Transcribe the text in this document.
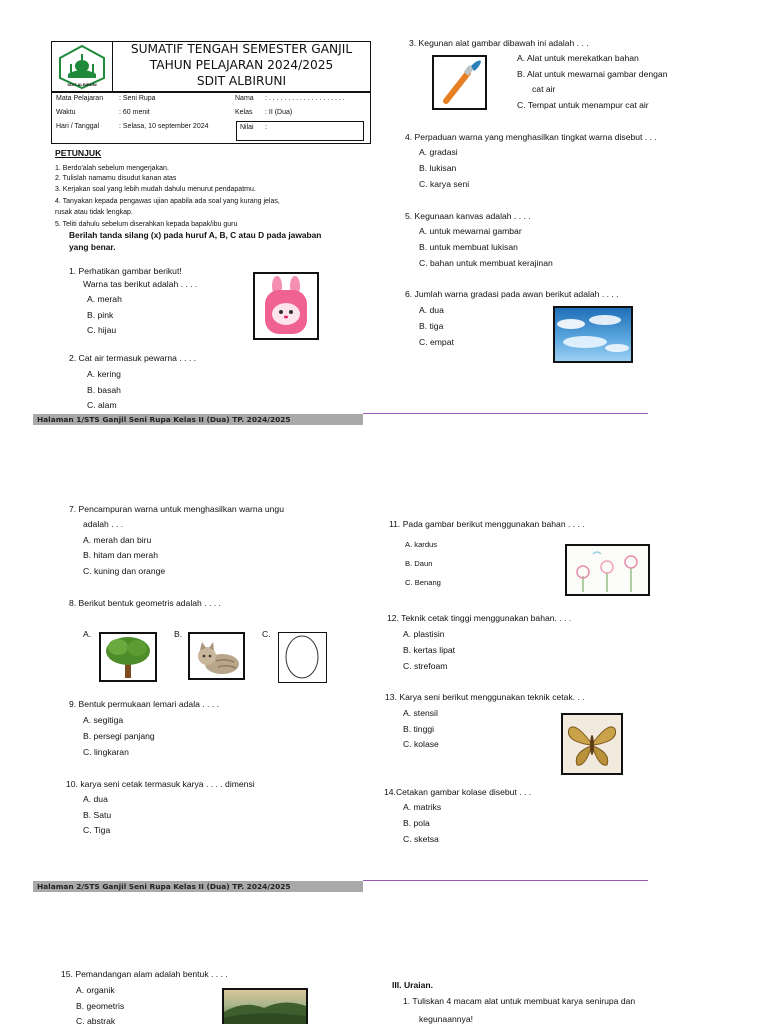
SDIT ALBIRUNI
SUMATIF TENGAH SEMESTER GANJIL
TAHUN PELAJARAN 2024/2025
SDIT ALBIRUNI
Mata Pelajaran : Seni Rupa
Waktu	: 60 menit
Hari / Tanggal	: Selasa, 10 september 2024
Nama : . . . . . . . . . . . . . . . . . . . .
Kelas : II (Dua)
Nilai :
PETUNJUK
1. Berdo'alah sebelum mengerjakan.
2. Tulislah namamu disudut kanan atas
3. Kerjakan soal yang lebih mudah dahulu menurut pendapatmu.
4. Tanyakan kepada pengawas ujian apabila ada soal yang kurang jelas,
rusak atau tidak lengkap.
5. Teliti dahulu sebelum diserahkan kepada bapak/ibu guru
Berilah tanda silang (x) pada huruf A, B, C atau D pada jawaban
yang benar.
1. Perhatikan gambar berikut!
Warna tas berikut adalah . . . .
A. merah
B. pink
C. hijau
2. Cat air termasuk pewarna . . . .
A. kering
B. basah
C. alam
3. Kegunan alat gambar dibawah ini adalah . . .
A. Alat untuk merekatkan bahan
B. Alat untuk mewarnai gambar dengan
cat air
C. Tempat untuk menampur cat air
4. Perpaduan warna yang menghasilkan tingkat warna disebut . . .
A. gradasi
B. lukisan
C. karya seni
5. Kegunaan kanvas adalah . . . .
A. untuk mewarnai gambar
B. untuk membuat lukisan
C. bahan untuk membuat kerajinan
6. Jumlah warna gradasi pada awan berikut adalah . . . .
A. dua
B. tiga
C. empat
Halaman 1/STS Ganjil Seni Rupa Kelas II (Dua) TP. 2024/2025
7. Pencampuran warna untuk menghasilkan warna ungu
adalah . . .
A. merah dan biru
B. hitam dan merah
C. kuning dan orange
8. Berikut bentuk geometris adalah . . . .
A.	B.	C.
9. Bentuk permukaan lemari adala . . . .
A. segitiga
B. persegi panjang
C. lingkaran
10. karya seni cetak termasuk karya . . . . dimensi
A. dua
B. Satu
C. Tiga
11. Pada gambar berikut menggunakan bahan . . . .
A. kardus
B. Daun
C. Benang
12. Teknik cetak tinggi menggunakan bahan. . . .
A. plastisin
B. kertas lipat
C. strefoam
13. Karya seni berikut menggunakan teknik cetak. . .
A. stensil
B. tinggi
C. kolase
14.Cetakan gambar kolase disebut . . .
A. matriks
B. pola
C. sketsa
Halaman 2/STS Ganjil Seni Rupa Kelas II (Dua) TP. 2024/2025
15. Pemandangan alam adalah bentuk . . . .
A. organik
B. geometris
C. abstrak
III. Uraian.
1. Tuliskan 4 macam alat untuk membuat karya senirupa dan
kegunaannya!
